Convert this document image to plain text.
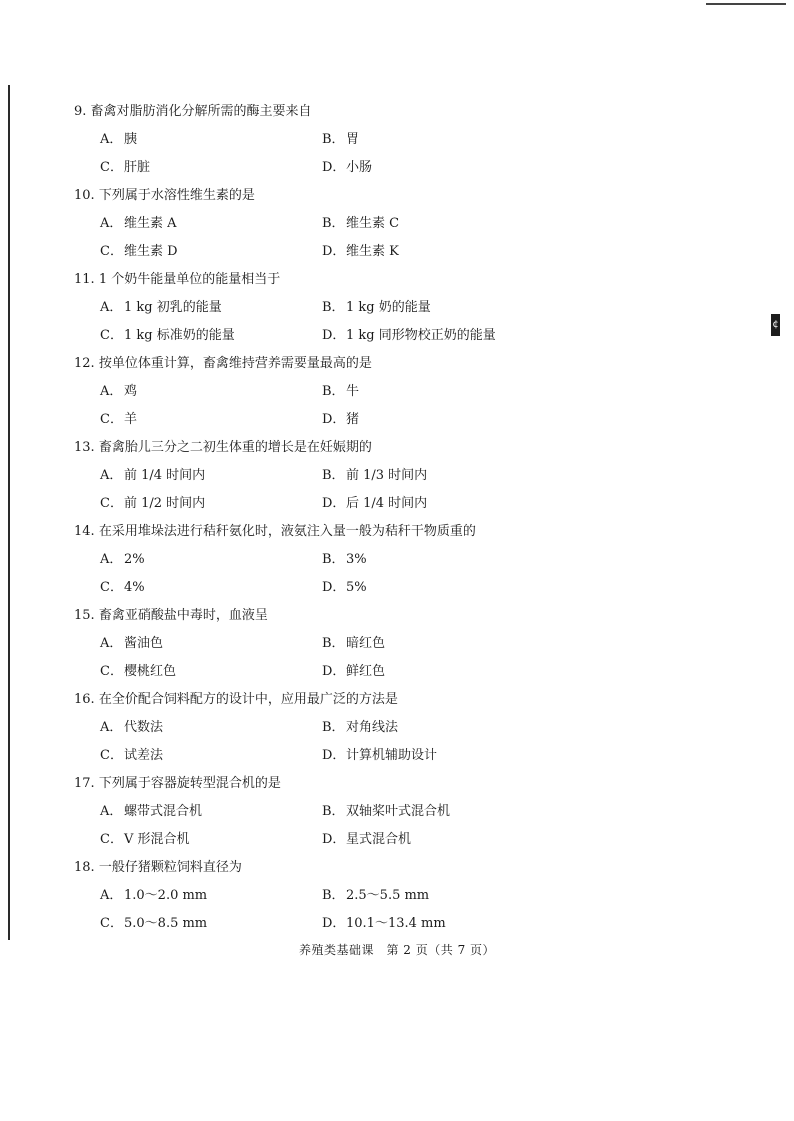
¢
9. 畜禽对脂肪消化分解所需的酶主要来自
A． 胰	B．胃
C．肝脏	D．小肠
10. 下列属于水溶性维生素的是
A． 维生素 A	B．维生素 C
C．维生素 D	D．维生素 K
11. 1 个奶牛能量单位的能量相当于
A． 1 kg 初乳的能量	B．1 kg 奶的能量
C．1 kg 标准奶的能量	D．1 kg 同形物校正奶的能量
12. 按单位体重计算，畜禽维持营养需要量最高的是
A． 鸡	B．牛
C．羊	D．猪
13. 畜禽胎儿三分之二初生体重的增长是在妊娠期的
A． 前 1/4 时间内	B．前 1/3 时间内
C．前 1/2 时间内	D．后 1/4 时间内
14. 在采用堆垛法进行秸秆氨化时，液氨注入量一般为秸秆干物质重的
A． 2%	B．3%
C．4%	D．5%
15. 畜禽亚硝酸盐中毒时，血液呈
A． 酱油色	B．暗红色
C．樱桃红色	D．鲜红色
16. 在全价配合饲料配方的设计中，应用最广泛的方法是
A． 代数法	B．对角线法
C．试差法	D．计算机辅助设计
17. 下列属于容器旋转型混合机的是
A． 螺带式混合机	B．双轴桨叶式混合机
C．V 形混合机	D．星式混合机
18. 一般仔猪颗粒饲料直径为
A． 1.0～2.0 mm	B．2.5～5.5 mm
C．5.0～8.5 mm	D．10.1～13.4 mm
养殖类基础课　第 2 页（共 7 页）
